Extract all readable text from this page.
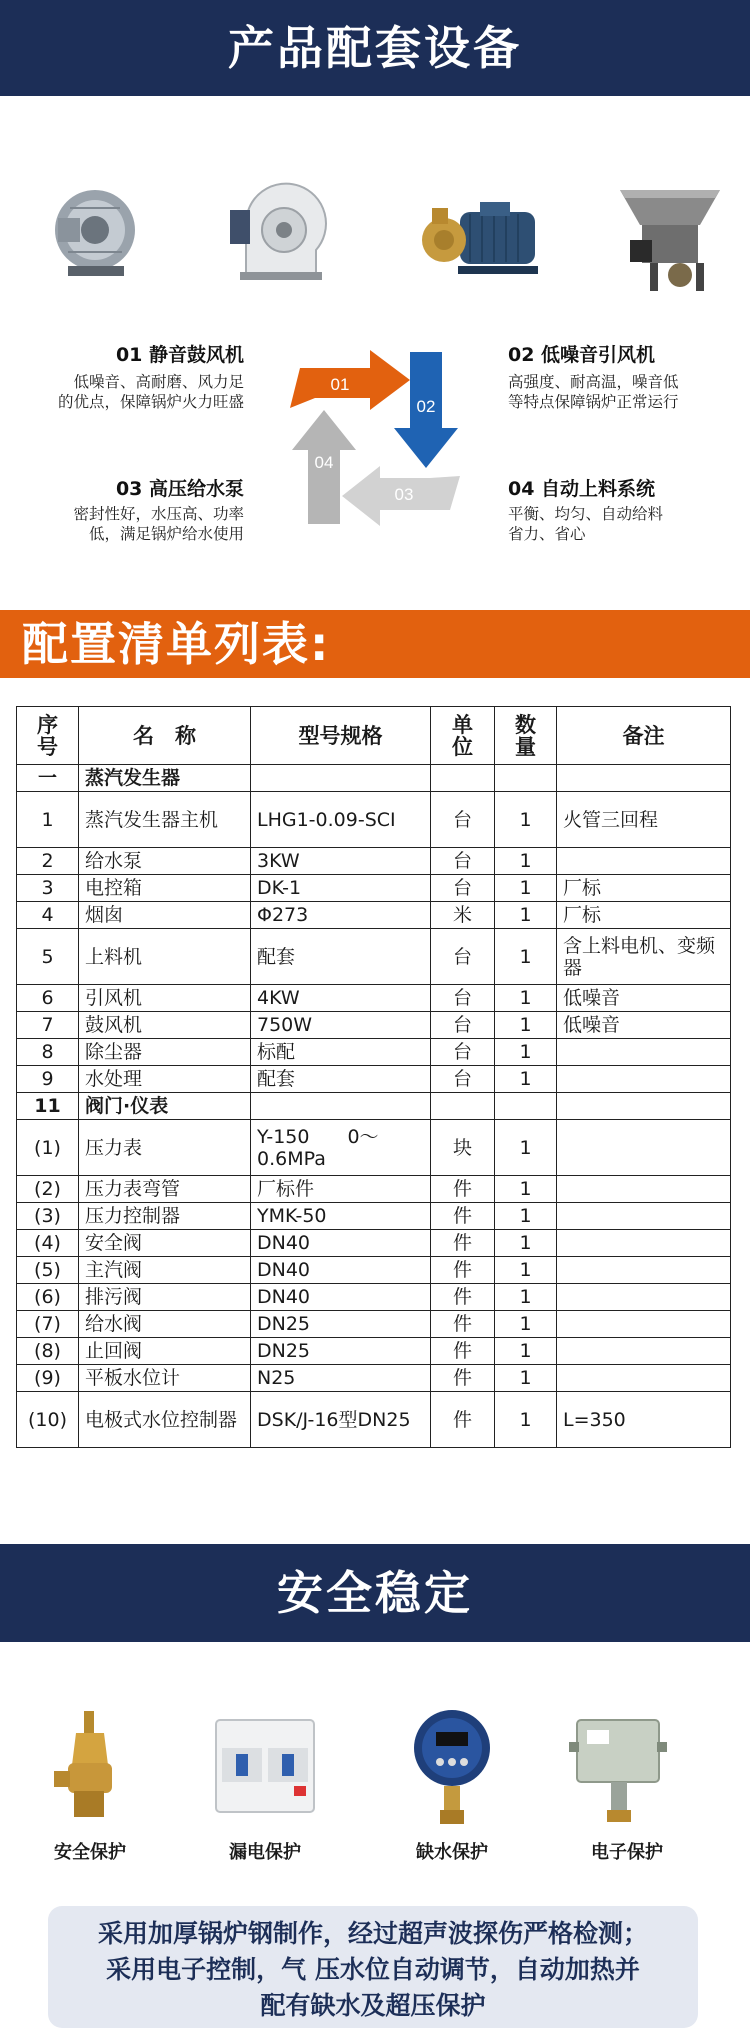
产品配套设备
01 静音鼓风机
低噪音、高耐磨、风力足
的优点，保障锅炉火力旺盛
02 低噪音引风机
高强度、耐高温，噪音低
等特点保障锅炉正常运行
03 高压给水泵
密封性好，水压高、功率
低，满足锅炉给水使用
04 自动上料系统
平衡、均匀、自动给料
省力、省心
01
02
03
04
配置清单列表:
序号	名　称	型号规格	单位	数量	备注
一	蒸汽发生器				
1	蒸汽发生器主机	LHG1-0.09-SCI	台	1	火管三回程
2	给水泵	3KW	台	1	
3	电控箱	DK-1	台	1	厂标
4	烟囱	Φ273	米	1	厂标
5	上料机	配套	台	1	含上料电机、变频器
6	引风机	4KW	台	1	低噪音
7	鼓风机	750W	台	1	低噪音
8	除尘器	标配	台	1	
9	水处理	配套	台	1	
11	阀门·仪表				
(1)	压力表	Y-150　　0～0.6MPa	块	1	
(2)	压力表弯管	厂标件	件	1	
(3)	压力控制器	YMK-50	件	1	
(4)	安全阀	DN40	件	1	
(5)	主汽阀	DN40	件	1	
(6)	排污阀	DN40	件	1	
(7)	给水阀	DN25	件	1	
(8)	止回阀	DN25	件	1	
(9)	平板水位计	N25	件	1	
(10)	电极式水位控制器	DSK/J-16型DN25	件	1	L=350
安全稳定
安全保护	漏电保护	缺水保护	电子保护
采用加厚锅炉钢制作，经过超声波探伤严格检测；
采用电子控制，气 压水位自动调节，自动加热并
配有缺水及超压保护
